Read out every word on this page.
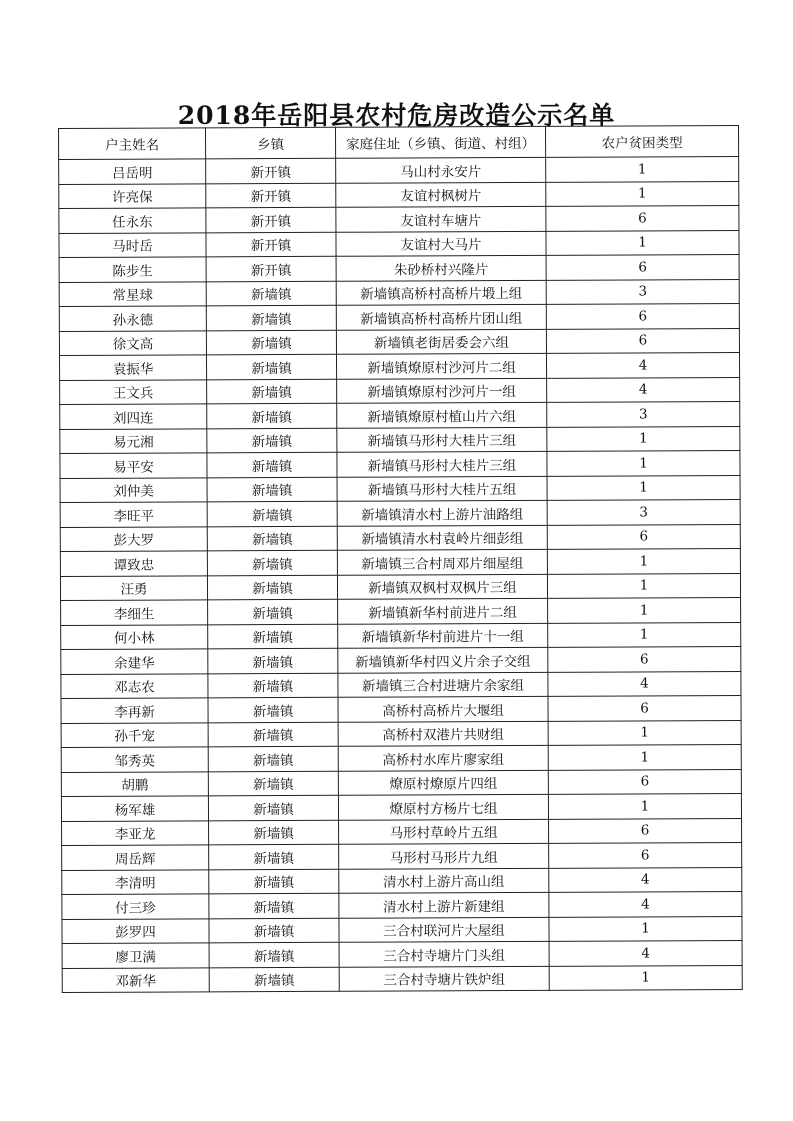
2018年岳阳县农村危房改造公示名单
户主姓名	乡镇	家庭住址（乡镇、街道、村组）	农户贫困类型
吕岳明	新开镇	马山村永安片	1
许亮保	新开镇	友谊村枫树片	1
任永东	新开镇	友谊村车塘片	6
马时岳	新开镇	友谊村大马片	1
陈步生	新开镇	朱砂桥村兴隆片	6
常星球	新墙镇	新墙镇高桥村高桥片塅上组	3
孙永德	新墙镇	新墙镇高桥村高桥片团山组	6
徐文高	新墙镇	新墙镇老街居委会六组	6
袁振华	新墙镇	新墙镇燎原村沙河片二组	4
王文兵	新墙镇	新墙镇燎原村沙河片一组	4
刘四连	新墙镇	新墙镇燎原村植山片六组	3
易元湘	新墙镇	新墙镇马形村大桂片三组	1
易平安	新墙镇	新墙镇马形村大桂片三组	1
刘仲美	新墙镇	新墙镇马形村大桂片五组	1
李旺平	新墙镇	新墙镇清水村上游片油路组	3
彭大罗	新墙镇	新墙镇清水村袁岭片细彭组	6
谭致忠	新墙镇	新墙镇三合村周邓片细屋组	1
汪勇	新墙镇	新墙镇双枫村双枫片三组	1
李细生	新墙镇	新墙镇新华村前进片二组	1
何小林	新墙镇	新墙镇新华村前进片十一组	1
余建华	新墙镇	新墙镇新华村四义片余子交组	6
邓志农	新墙镇	新墙镇三合村进塘片余家组	4
李再新	新墙镇	高桥村高桥片大堰组	6
孙千宠	新墙镇	高桥村双港片共财组	1
邹秀英	新墙镇	高桥村水库片廖家组	1
胡鹏	新墙镇	燎原村燎原片四组	6
杨军雄	新墙镇	燎原村方杨片七组	1
李亚龙	新墙镇	马形村草岭片五组	6
周岳辉	新墙镇	马形村马形片九组	6
李清明	新墙镇	清水村上游片高山组	4
付三珍	新墙镇	清水村上游片新建组	4
彭罗四	新墙镇	三合村联河片大屋组	1
廖卫满	新墙镇	三合村寺塘片门头组	4
邓新华	新墙镇	三合村寺塘片铁炉组	1
